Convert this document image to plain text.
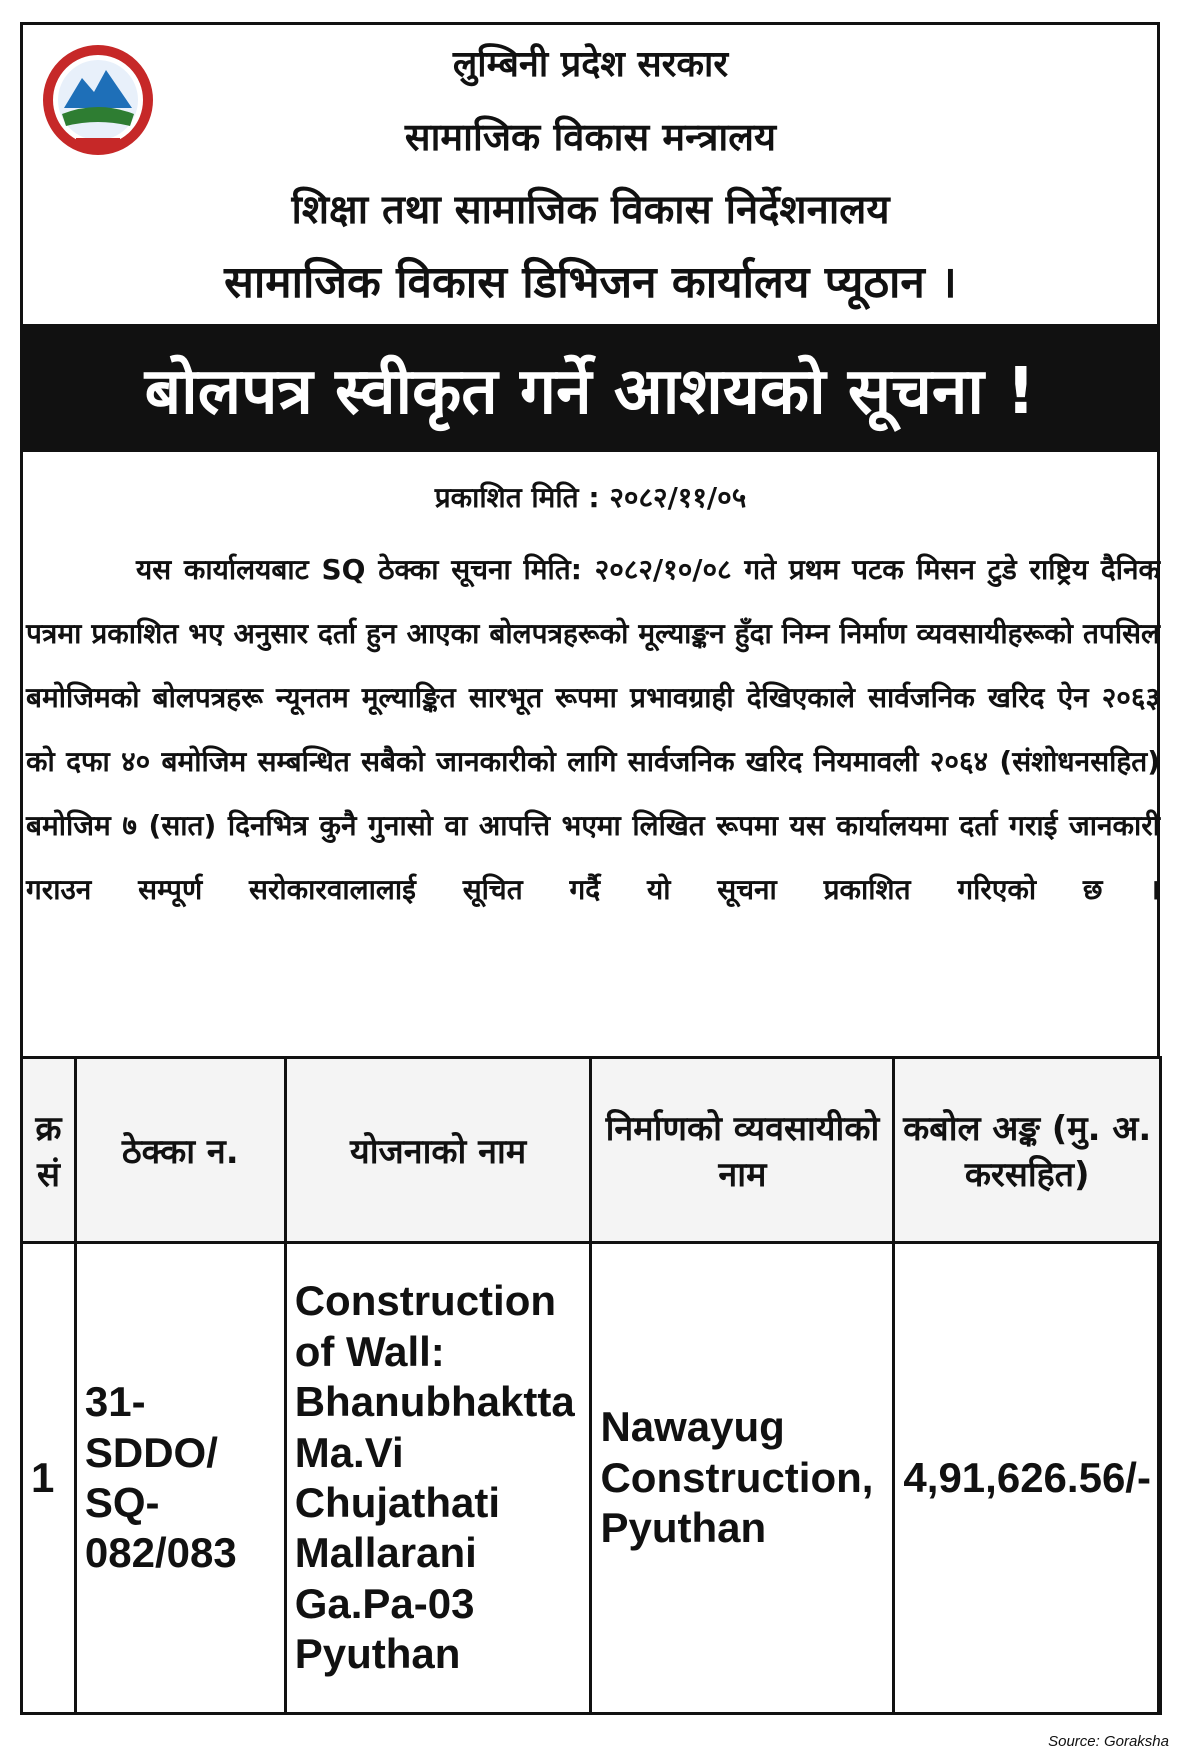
लुम्बिनी प्रदेश सरकार
सामाजिक विकास मन्त्रालय
शिक्षा तथा सामाजिक विकास निर्देशनालय
सामाजिक विकास डिभिजन कार्यालय प्यूठान ।
बोलपत्र स्वीकृत गर्ने आशयको सूचना !
प्रकाशित मिति : २०८२/११/०५

यस कार्यालयबाट SQ ठेक्का सूचना मिति: २०८२/१०/०८ गते प्रथम पटक मिसन टुडे राष्ट्रिय दैनिक पत्रमा प्रकाशित भए अनुसार दर्ता हुन आएका बोलपत्रहरूको मूल्याङ्कन हुँदा निम्न निर्माण व्यवसायीहरूको तपसिल बमोजिमको बोलपत्रहरू न्यूनतम मूल्याङ्कित सारभूत रूपमा प्रभावग्राही देखिएकाले सार्वजनिक खरिद ऐन २०६३ को दफा ४० बमोजिम सम्बन्धित सबैको जानकारीको लागि सार्वजनिक खरिद नियमावली २०६४ (संशोधनसहित) बमोजिम ७ (सात) दिनभित्र कुनै गुनासो वा आपत्ति भएमा लिखित रूपमा यस कार्यालयमा दर्ता गराई जानकारी गराउन सम्पूर्ण सरोकारवालालाई सूचित गर्दै यो सूचना प्रकाशित गरिएको छ ।

क्र सं	ठेक्का न.	योजनाको नाम	निर्माणको व्यवसायीको नाम	कबोल अङ्क (मु. अ. करसहित)
1	31-SDDO/ SQ-082/083	Construction of Wall: Bhanubhaktta Ma.Vi Chujathati Mallarani Ga.Pa-03 Pyuthan	Nawayug Construction, Pyuthan	4,91,626.56/-
Source: Goraksha
